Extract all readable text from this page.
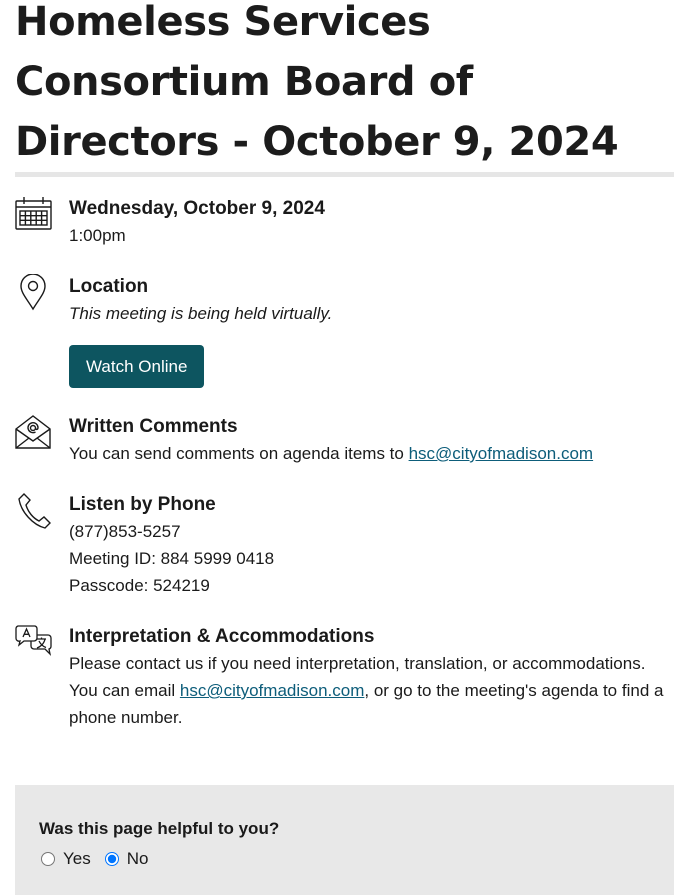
Homeless Services Consortium Board of Directors - October 9, 2024

Wednesday, October 9, 2024

1:00pm

Location

This meeting is being held virtually.
Watch Online

Written Comments

You can send comments on agenda items to hsc@cityofmadison.com

Listen by Phone

(877)853-5257
Meeting ID: 884 5999 0418
Passcode: 524219

Interpretation & Accommodations

Please contact us if you need interpretation, translation, or accommodations.
You can email hsc@cityofmadison.com, or go to the meeting's agenda to find a phone number.

Was this page helpful to you?

Yes No
